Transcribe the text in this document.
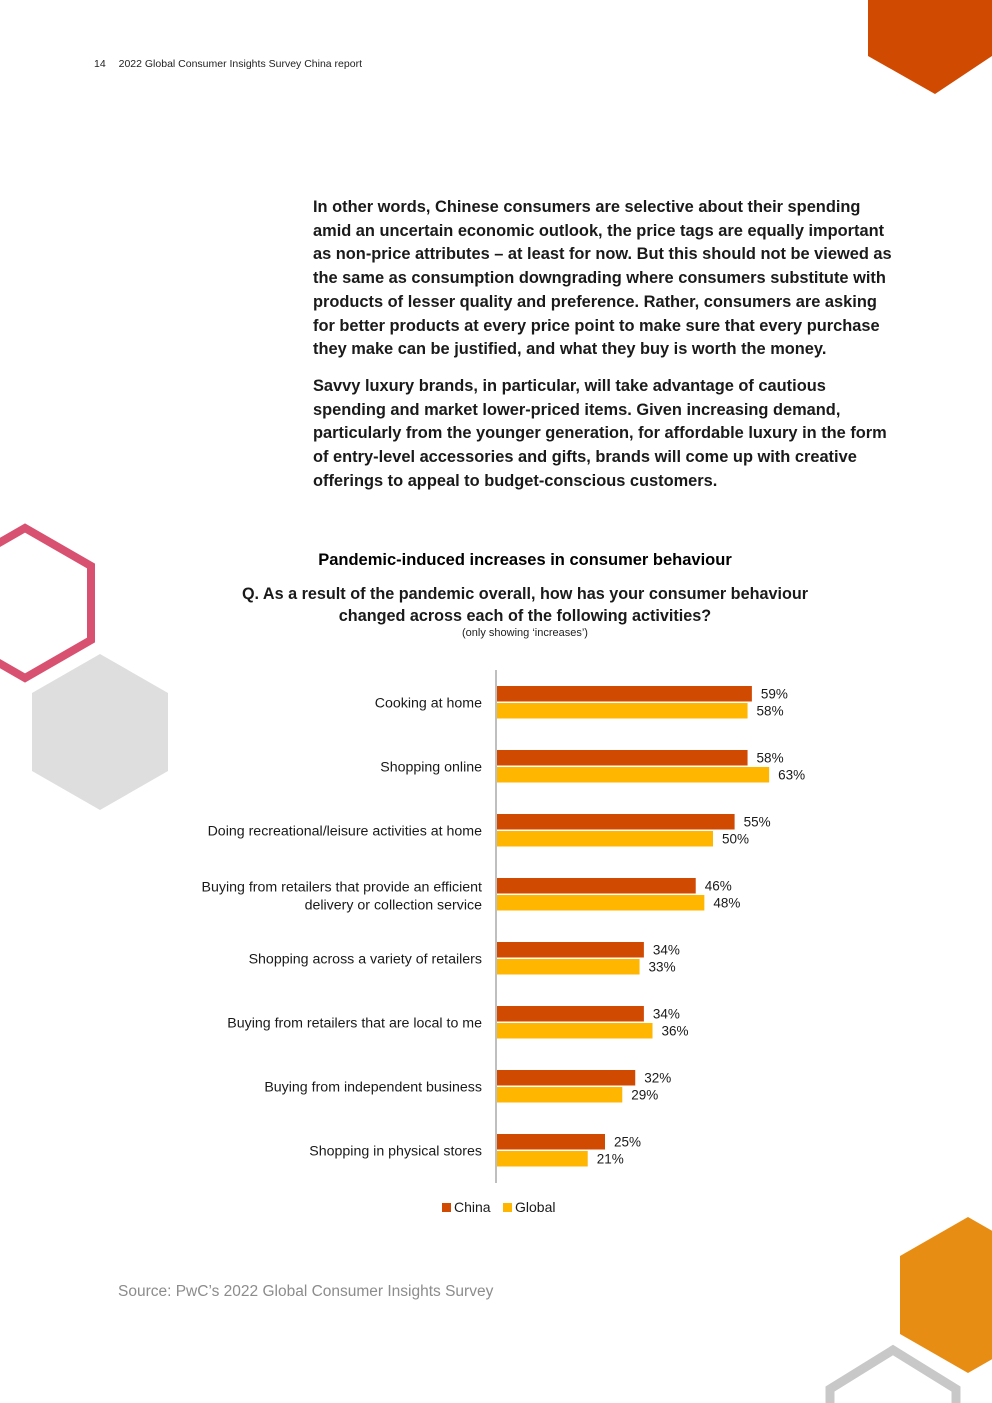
14 2022 Global Consumer Insights Survey China report

In other words, Chinese consumers are selective about their spending amid an uncertain economic outlook, the price tags are equally important as non-price attributes – at least for now. But this should not be viewed as the same as consumption downgrading where consumers substitute with products of lesser quality and preference. Rather, consumers are asking for better products at every price point to make sure that every purchase they make can be justified, and what they buy is worth the money.

Savvy luxury brands, in particular, will take advantage of cautious spending and market lower-priced items. Given increasing demand, particularly from the younger generation, for affordable luxury in the form of entry-level accessories and gifts, brands will come up with creative offerings to appeal to budget-conscious customers.

Pandemic-induced increases in consumer behaviour
Q. As a result of the pandemic overall, how has your consumer behaviour changed across each of the following activities?
(only showing ‘increases’)
Cooking at home
59%
58%
Shopping online
58%
63%
Doing recreational/leisure activities at home
55%
50%
Buying from retailers that provide an efficient delivery or collection service
46%
48%
Shopping across a variety of retailers
34%
33%
Buying from retailers that are local to me
34%
36%
Buying from independent business
32%
29%
Shopping in physical stores
25%
21%
China Global
Source: PwC’s 2022 Global Consumer Insights Survey
